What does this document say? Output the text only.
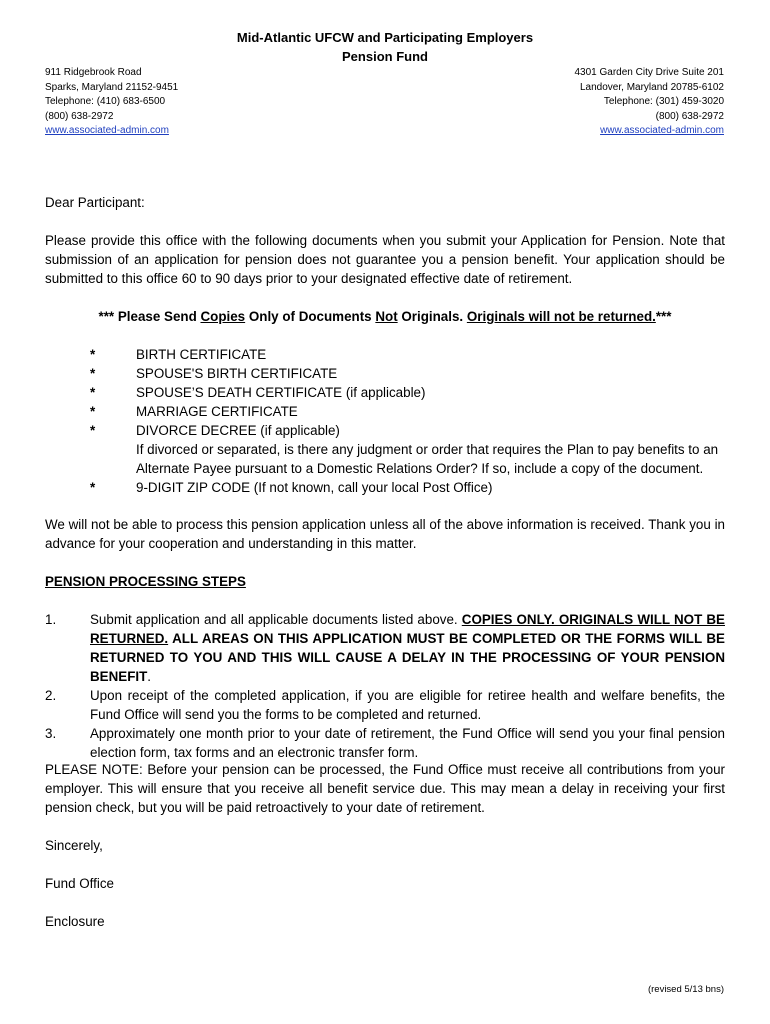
Mid-Atlantic UFCW and Participating Employers
Pension Fund
911 Ridgebrook Road
Sparks, Maryland 21152-9451
Telephone: (410) 683-6500
(800) 638-2972
www.associated-admin.com
4301 Garden City Drive Suite 201
Landover, Maryland 20785-6102
Telephone: (301) 459-3020
(800) 638-2972
www.associated-admin.com
Dear Participant:
Please provide this office with the following documents when you submit your Application for Pension. Note that submission of an application for pension does not guarantee you a pension benefit. Your application should be submitted to this office 60 to 90 days prior to your designated effective date of retirement.
*** Please Send Copies Only of Documents Not Originals. Originals will not be returned.***
*	BIRTH CERTIFICATE
*	SPOUSE'S BIRTH CERTIFICATE
*	SPOUSE’S DEATH CERTIFICATE (if applicable)
*	MARRIAGE CERTIFICATE
*	DIVORCE DECREE (if applicable)
If divorced or separated, is there any judgment or order that requires the Plan to pay benefits to an Alternate Payee pursuant to a Domestic Relations Order? If so, include a copy of the document.
*	9-DIGIT ZIP CODE (If not known, call your local Post Office)
We will not be able to process this pension application unless all of the above information is received. Thank you in advance for your cooperation and understanding in this matter.
PENSION PROCESSING STEPS
1.	Submit application and all applicable documents listed above. COPIES ONLY. ORIGINALS WILL NOT BE RETURNED. ALL AREAS ON THIS APPLICATION MUST BE COMPLETED OR THE FORMS WILL BE RETURNED TO YOU AND THIS WILL CAUSE A DELAY IN THE PROCESSING OF YOUR PENSION BENEFIT.
2.	Upon receipt of the completed application, if you are eligible for retiree health and welfare benefits, the Fund Office will send you the forms to be completed and returned.
3.	Approximately one month prior to your date of retirement, the Fund Office will send you your final pension election form, tax forms and an electronic transfer form.
PLEASE NOTE: Before your pension can be processed, the Fund Office must receive all contributions from your employer. This will ensure that you receive all benefit service due. This may mean a delay in receiving your first pension check, but you will be paid retroactively to your date of retirement.
Sincerely,
Fund Office
Enclosure
(revised 5/13 bns)
